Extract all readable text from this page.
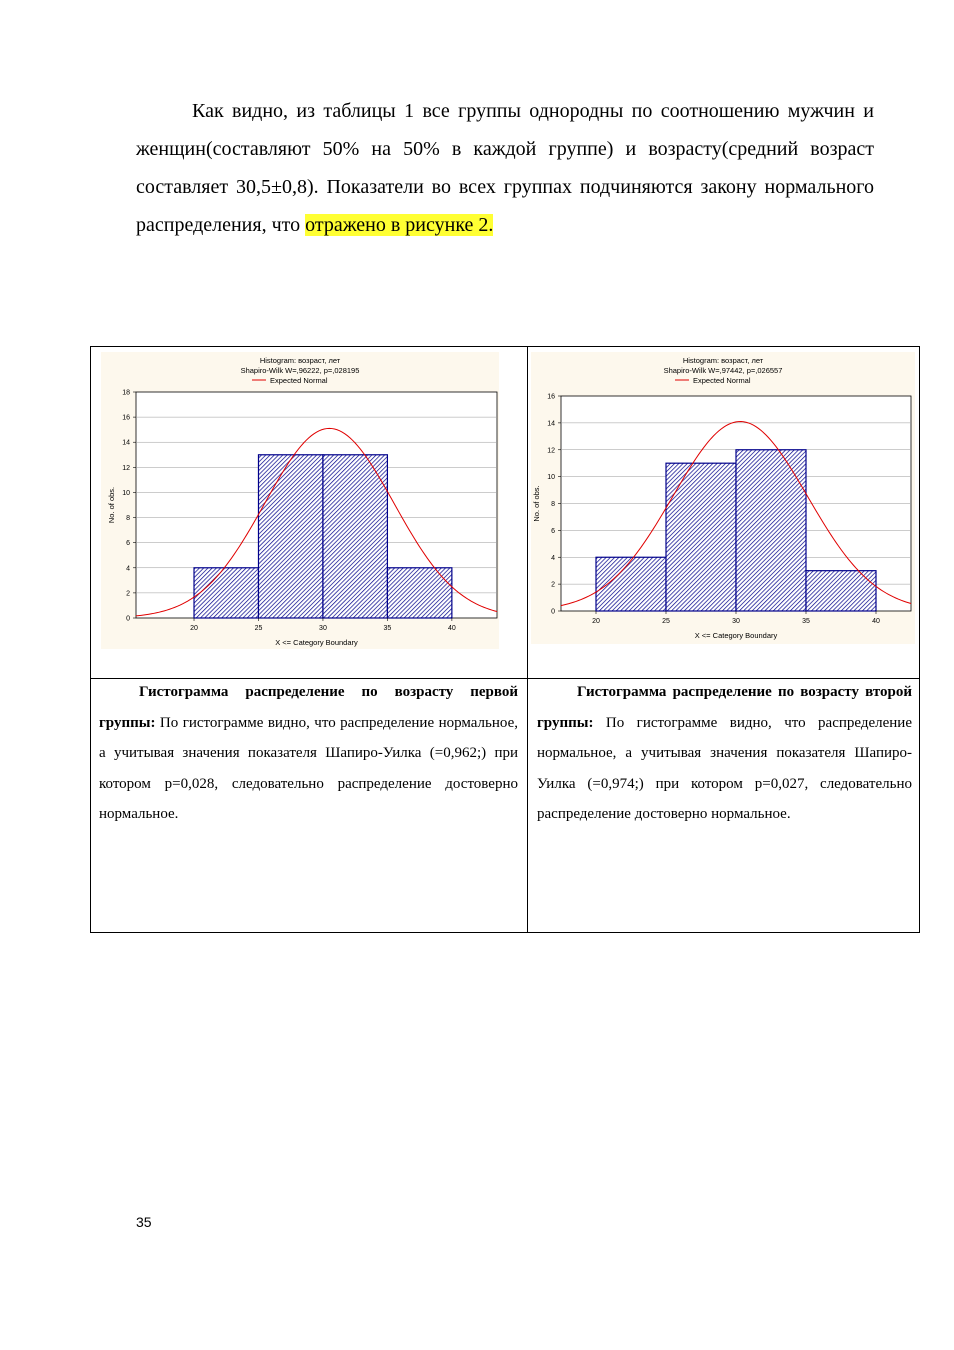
Как видно, из таблицы 1 все группы однородны по соотношению мужчин и женщин(составляют 50% на 50% в каждой группе) и возрасту(средний возраст составляет 30,5±0,8). Показатели во всех группах подчиняются закону нормального распределения, что отражено в рисунке 2.

Histogram: возраст, лет
Shapiro-Wilk W=,96222, p=,028195
Expected Normal
0
2
4
6
8
10
12
14
16
18
20	25	30	35	40
X <= Category Boundary
No. of obs.
Histogram: возраст, лет
Shapiro-Wilk W=,97442, p=,026557
Expected Normal
0
2
4
6
8
10
12
14
16
20	25	30	35	40
X <= Category Boundary
No. of obs.

Гистограмма распределение по возрасту первой группы: По гистограмме видно, что распределение нормальное, а учитывая значения показателя Шапиро-Уилка (=0,962;) при котором p=0,028, следовательно распределение достоверно нормальное.

Гистограмма распределение по возрасту второй группы: По гистограмме видно, что распределение нормальное, а учитывая значения показателя Шапиро-Уилка (=0,974;) при котором p=0,027, следовательно распределение достоверно нормальное.

35
